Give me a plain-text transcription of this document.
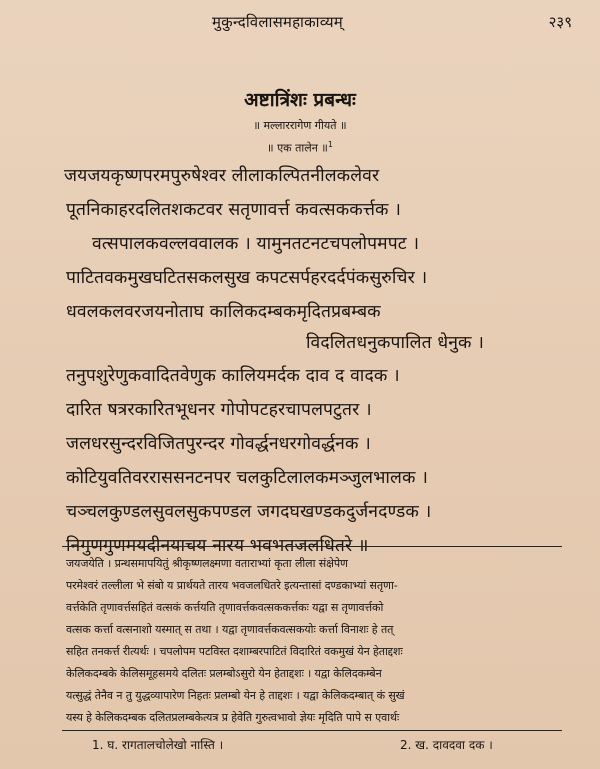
मुकुन्दविलासमहाकाव्यम्	२३९
अष्टात्रिंशः प्रबन्धः
॥ मल्लाररागेण गीयते ॥
॥ एक तालेन ॥$^1$
जयजयकृष्णपरमपुरुषेश्वर लीलाकल्पितनीलकलेवर
पूतनिकाहरदलितशकटवर सतृणावर्त्त कवत्सककर्त्तक ।
वत्सपालकवल्लववालक । यामुनतटनटचपलोपमपट ।
पाटितवकमुखघटितसकलसुख कपटसर्पहरदर्दपंकसुरुचिर ।
धवलकलवरजयनोताघ कालिकदम्बकमृदितप्रबम्बक
विदलितधनुकपालित धेनुक ।
तनुपशुरेणुकवादितवेणुक कालियमर्दक दाव द वादक ।
दारित षत्ररकारितभूधनर गोपोपटहरचापलपटुतर ।
जलधरसुन्दरविजितपुरन्दर गोवर्द्धनधरगोवर्द्धनक ।
कोटियुवतिवरराससनटनपर चलकुटिलालकमञ्जुलभालक ।
चञ्चलकुण्डलसुवलसुकपण्डल जगदघखण्डकदुर्जनदण्डक ।
निगुणगुणमयदीनयाचय नारय भवभतजलधितरे ॥
जयजयेति । प्रन्थसमापयितुं श्रीकृष्णलक्ष्मणा वताराभ्यां कृता लीला संक्षेपेण
परमेश्वरं तल्लीला भे संबो य प्रार्थयते तारय भवजलधितरे इत्यन्तासां दण्डकाभ्यां सतृणा-
वर्त्तकेति तृणावर्त्तसहितं वत्सकं कर्त्तयति तृणावर्त्तकवत्सककर्त्तकः यद्वा स तृणावर्त्तको
वत्सक कर्त्ता वत्सनाशो यस्मात् स तथा । यद्वा तृणावर्त्तकवत्सकयोः कर्त्ता विनाशः हे तत्
सहित तनकर्त्त रीत्यर्थः । चपलोपम पटविस्त दशाम्बरपाटितं विदारितं वकमुखं येन हेताद्दशः
केलिकदम्बके केलिसमूहसमये दलितः प्रलम्बोऽसुरो येन हेताद्दशः । यद्वा केलिदकम्बेन
यत्सुद्धं तेनैव न तु युद्धव्यापारेण निहतः प्रलम्बो येन हे ताद्दशः । यद्वा केलिकदम्बात् कं सुखं
यस्य हे केलिकदम्बक दलितप्रलम्बकेत्यत्र प्र हेवेति गुरुत्वभावो ज्ञेयः मृदिति पापे स एवार्थः
1. घ. रागतालचोलेखो नास्ति ।	2. ख. दावदवा दक ।
